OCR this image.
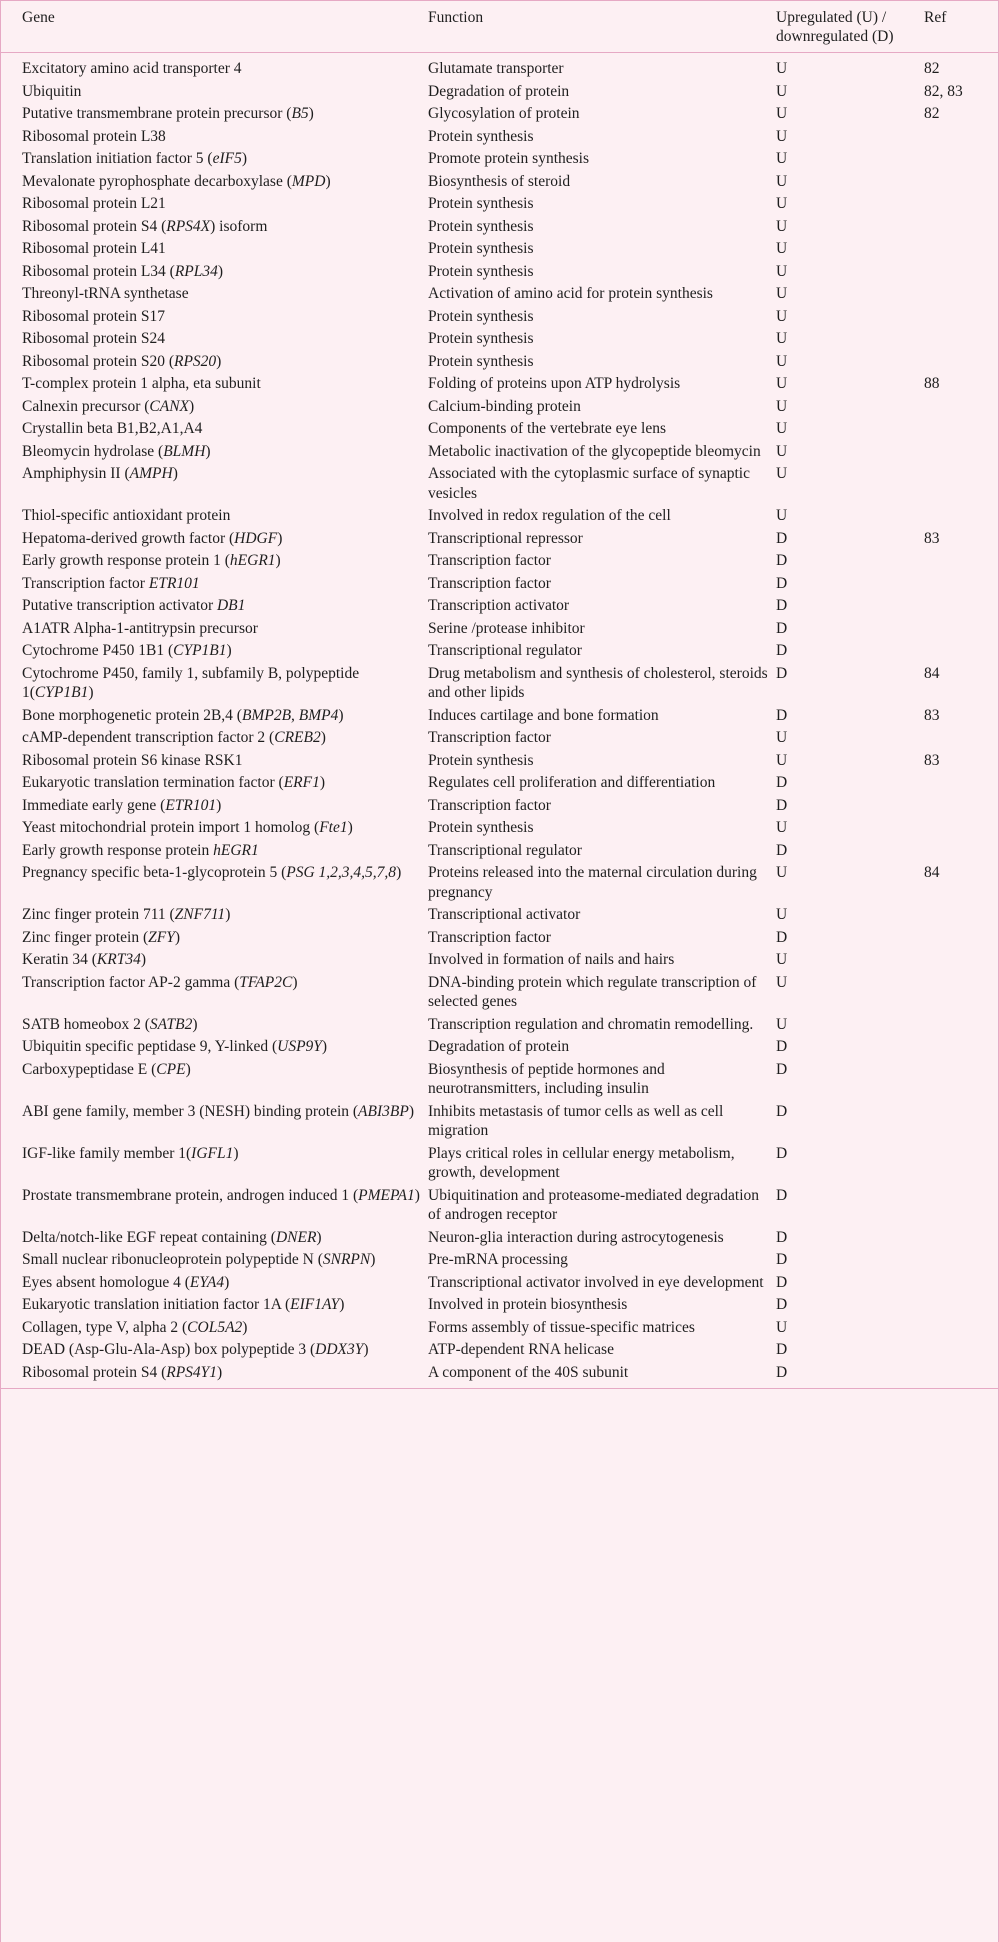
Gene	Function	Upregulated (U) / downregulated (D)	Ref
Excitatory amino acid transporter 4	Glutamate transporter	U	82
Ubiquitin	Degradation of protein	U	82, 83
Putative transmembrane protein precursor (B5)	Glycosylation of protein	U	82
Ribosomal protein L38	Protein synthesis	U	
Translation initiation factor 5 (eIF5)	Promote protein synthesis	U	
Mevalonate pyrophosphate decarboxylase (MPD)	Biosynthesis of steroid	U	
Ribosomal protein L21	Protein synthesis	U	
Ribosomal protein S4 (RPS4X) isoform	Protein synthesis	U	
Ribosomal protein L41	Protein synthesis	U	
Ribosomal protein L34 (RPL34)	Protein synthesis	U	
Threonyl-tRNA synthetase	Activation of amino acid for protein synthesis	U	
Ribosomal protein S17	Protein synthesis	U	
Ribosomal protein S24	Protein synthesis	U	
Ribosomal protein S20 (RPS20)	Protein synthesis	U	
T-complex protein 1 alpha, eta subunit	Folding of proteins upon ATP hydrolysis	U	88
Calnexin precursor (CANX)	Calcium-binding protein	U	
Crystallin beta B1,B2,A1,A4	Components of the vertebrate eye lens	U	
Bleomycin hydrolase (BLMH)	Metabolic inactivation of the glycopeptide bleomycin	U	
Amphiphysin II (AMPH)	Associated with the cytoplasmic surface of synaptic vesicles	U	
Thiol-specific antioxidant protein	Involved in redox regulation of the cell	U	
Hepatoma-derived growth factor (HDGF)	Transcriptional repressor	D	83
Early growth response protein 1 (hEGR1)	Transcription factor	D	
Transcription factor ETR101	Transcription factor	D	
Putative transcription activator DB1	Transcription activator	D	
A1ATR Alpha-1-antitrypsin precursor	Serine /protease inhibitor	D	
Cytochrome P450 1B1 (CYP1B1)	Transcriptional regulator	D	
Cytochrome P450, family 1, subfamily B, polypeptide 1(CYP1B1)	Drug metabolism and synthesis of cholesterol, steroids and other lipids	D	84
Bone morphogenetic protein 2B,4 (BMP2B, BMP4)	Induces cartilage and bone formation	D	83
cAMP-dependent transcription factor 2 (CREB2)	Transcription factor	U	
Ribosomal protein S6 kinase RSK1	Protein synthesis	U	83
Eukaryotic translation termination factor (ERF1)	Regulates cell proliferation and differentiation	D	
Immediate early gene (ETR101)	Transcription factor	D	
Yeast mitochondrial protein import 1 homolog (Fte1)	Protein synthesis	U	
Early growth response protein hEGR1	Transcriptional regulator	D	
Pregnancy specific beta-1-glycoprotein 5 (PSG 1,2,3,4,5,7,8)	Proteins released into the maternal circulation during pregnancy	U	84
Zinc finger protein 711 (ZNF711)	Transcriptional activator	U	
Zinc finger protein (ZFY)	Transcription factor	D	
Keratin 34 (KRT34)	Involved in formation of nails and hairs	U	
Transcription factor AP-2 gamma (TFAP2C)	DNA-binding protein which regulate transcription of selected genes	U	
SATB homeobox 2 (SATB2)	Transcription regulation and chromatin remodelling.	U	
Ubiquitin specific peptidase 9, Y-linked (USP9Y)	Degradation of protein	D	
Carboxypeptidase E (CPE)	Biosynthesis of peptide hormones and neurotransmitters, including insulin	D	
ABI gene family, member 3 (NESH) binding protein (ABI3BP)	Inhibits metastasis of tumor cells as well as cell migration	D	
IGF-like family member 1(IGFL1)	Plays critical roles in cellular energy metabolism, growth, development	D	
Prostate transmembrane protein, androgen induced 1 (PMEPA1)	Ubiquitination and proteasome-mediated degradation of androgen receptor	D	
Delta/notch-like EGF repeat containing (DNER)	Neuron-glia interaction during astrocytogenesis	D	
Small nuclear ribonucleoprotein polypeptide N (SNRPN)	Pre-mRNA processing	D	
Eyes absent homologue 4 (EYA4)	Transcriptional activator involved in eye development	D	
Eukaryotic translation initiation factor 1A (EIF1AY)	Involved in protein biosynthesis	D	
Collagen, type V, alpha 2 (COL5A2)	Forms assembly of tissue-specific matrices	U	
DEAD (Asp-Glu-Ala-Asp) box polypeptide 3 (DDX3Y)	ATP-dependent RNA helicase	D	
Ribosomal protein S4 (RPS4Y1)	A component of the 40S subunit	D	
